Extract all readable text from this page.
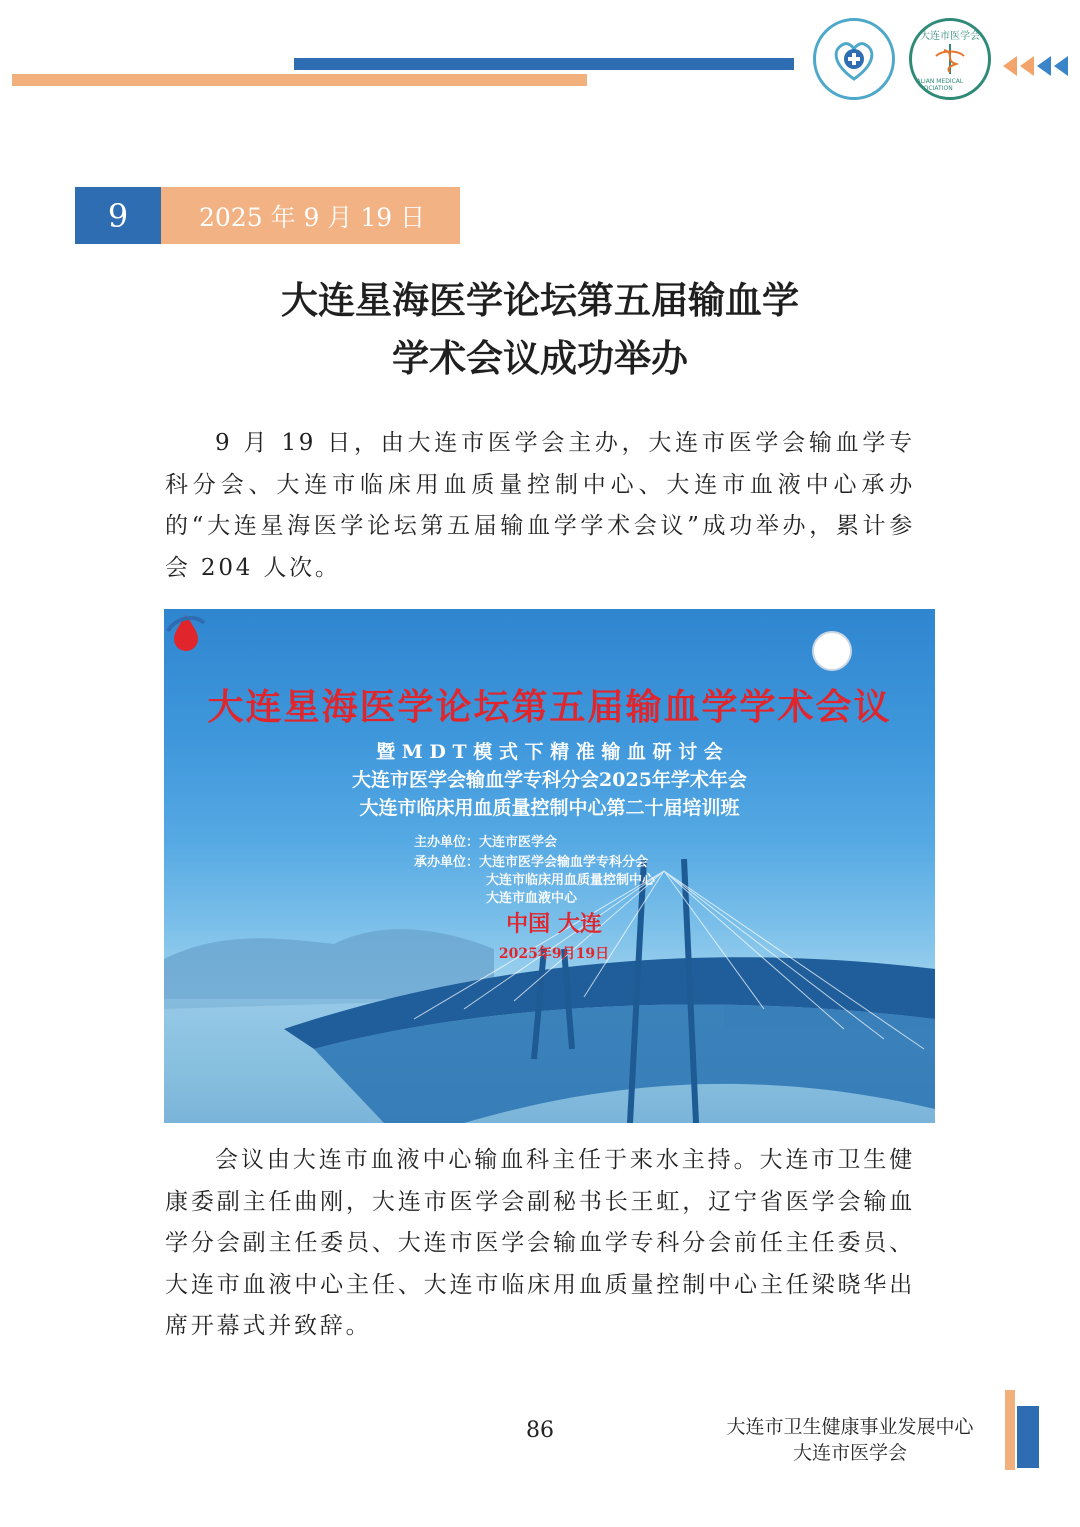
大连市医学会
DALIAN MEDICAL ASSOCIATION
9	2025 年 9 月 19 日
大连星海医学论坛第五届输血学
学术会议成功举办
9 月 19 日，由大连市医学会主办，大连市医学会输血学专科分会、大连市临床用血质量控制中心、大连市血液中心承办的“大连星海医学论坛第五届输血学学术会议”成功举办，累计参会 204 人次。
大连星海医学论坛第五届输血学学术会议
暨 M D T 模 式 下 精 准 输 血 研 讨 会
大连市医学会输血学专科分会2025年学术年会
大连市临床用血质量控制中心第二十届培训班
主办单位：大连市医学会
承办单位：大连市医学会输血学专科分会
大连市临床用血质量控制中心
大连市血液中心
中国 大连
2025年9月19日
会议由大连市血液中心输血科主任于来水主持。大连市卫生健康委副主任曲刚，大连市医学会副秘书长王虹，辽宁省医学会输血学分会副主任委员、大连市医学会输血学专科分会前任主任委员、大连市血液中心主任、大连市临床用血质量控制中心主任梁晓华出席开幕式并致辞。
86	大连市卫生健康事业发展中心
大连市医学会
